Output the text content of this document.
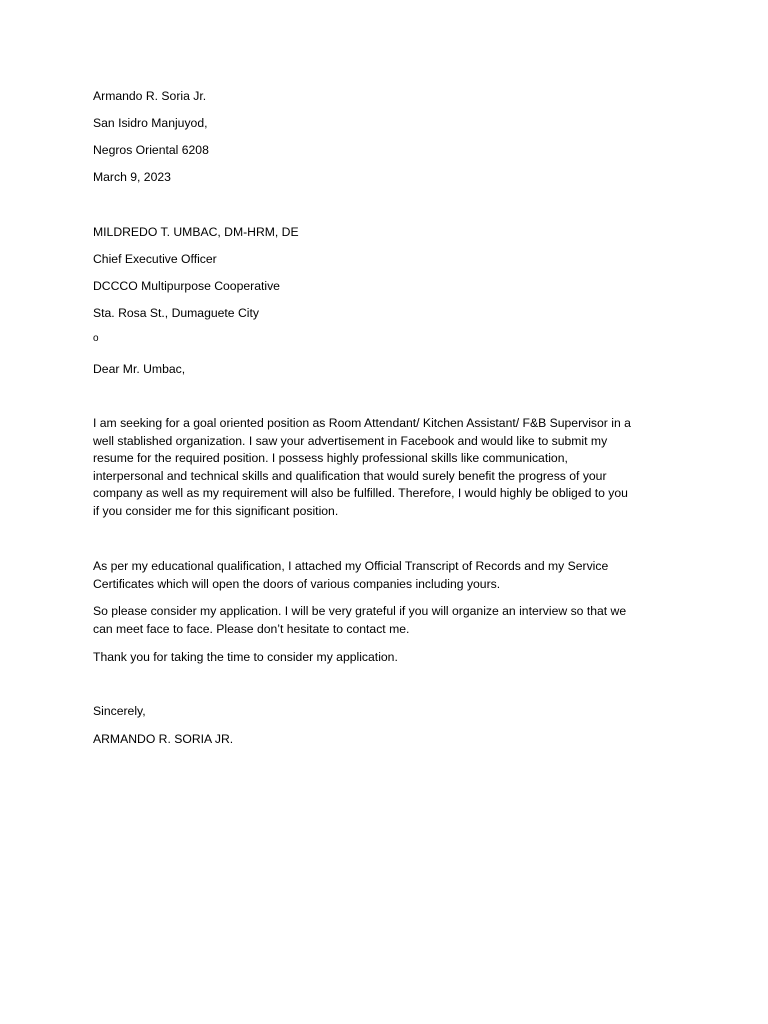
Armando R. Soria Jr.

San Isidro Manjuyod,

Negros Oriental 6208

March 9, 2023

MILDREDO T. UMBAC, DM-HRM, DE

Chief Executive Officer

DCCCO Multipurpose Cooperative

Sta. Rosa St., Dumaguete City

o

Dear Mr. Umbac,

I am seeking for a goal oriented position as Room Attendant/ Kitchen Assistant/ F&B Supervisor in a
well stablished organization. I saw your advertisement in Facebook and would like to submit my
resume for the required position. I possess highly professional skills like communication,
interpersonal and technical skills and qualification that would surely benefit the progress of your
company as well as my requirement will also be fulfilled. Therefore, I would highly be obliged to you
if you consider me for this significant position.
As per my educational qualification, I attached my Official Transcript of Records and my Service
Certificates which will open the doors of various companies including yours.
So please consider my application. I will be very grateful if you will organize an interview so that we
can meet face to face. Please don’t hesitate to contact me.

Thank you for taking the time to consider my application.

Sincerely,

ARMANDO R. SORIA JR.
